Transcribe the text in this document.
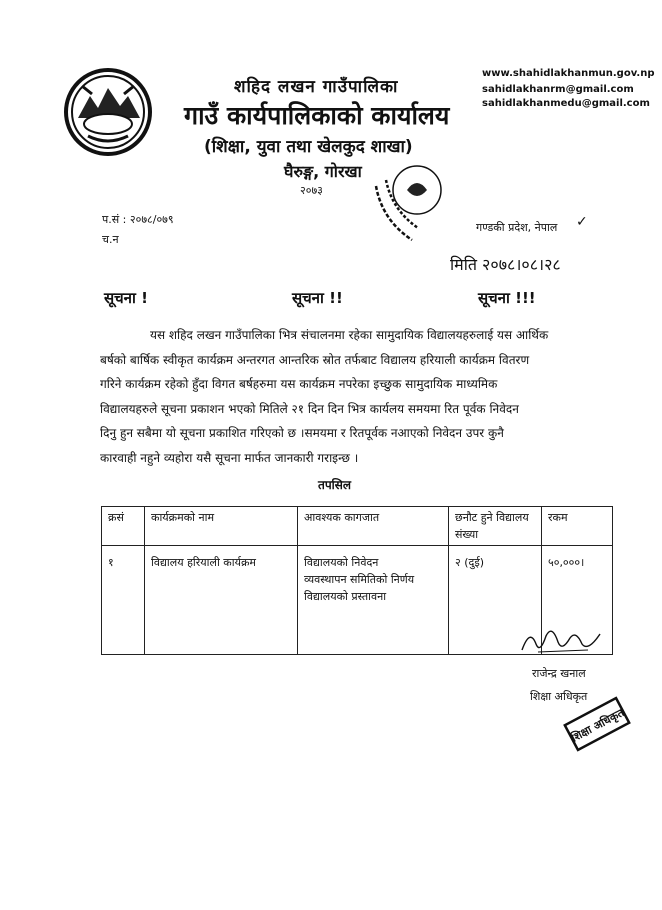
शहिद लखन गाउँपालिका
गाउँ कार्यपालिकाको कार्यालय
(शिक्षा, युवा तथा खेलकुद शाखा)
घैरुङ्ग, गोरखा
२०७३
www.shahidlakhanmun.gov.np
sahidlakhanrm@gmail.com
sahidlakhanmedu@gmail.com
प.सं : २०७८/०७९
च.न
गण्डकी प्रदेश, नेपाल ✓
मिति २०७८।०८।२८
सूचना !	सूचना !!	सूचना !!!
यस शहिद लखन गाउँपालिका भित्र संचालनमा रहेका सामुदायिक विद्यालयहरुलाई यस आर्थिक
बर्षको बार्षिक स्वीकृत कार्यक्रम अन्तरगत आन्तरिक स्रोत तर्फबाट विद्यालय हरियाली कार्यक्रम वितरण
गरिने कार्यक्रम रहेको हुँदा विगत बर्षहरुमा यस कार्यक्रम नपरेका इच्छुक सामुदायिक माध्यमिक
विद्यालयहरुले सूचना प्रकाशन भएको मितिले २१ दिन दिन भित्र कार्यलय समयमा रित पूर्वक निवेदन
दिनु हुन सबैमा यो सूचना प्रकाशित गरिएको छ ।समयमा र रितपूर्वक नआएको निवेदन उपर कुनै
कारवाही नहुने व्यहोरा यसै सूचना मार्फत जानकारी गराइन्छ ।
तपसिल
क्रसं	कार्यक्रमको नाम	आवश्यक कागजात	छनौट हुने विद्यालय संख्या	रकम
१	विद्यालय हरियाली कार्यक्रम	विद्यालयको निवेदन
व्यवस्थापन समितिको निर्णय
विद्यालयको प्रस्तावना	२ (दुई)	५०,०००।
राजेन्द्र खनाल
शिक्षा अधिकृत
शिक्षा अधिकृत
